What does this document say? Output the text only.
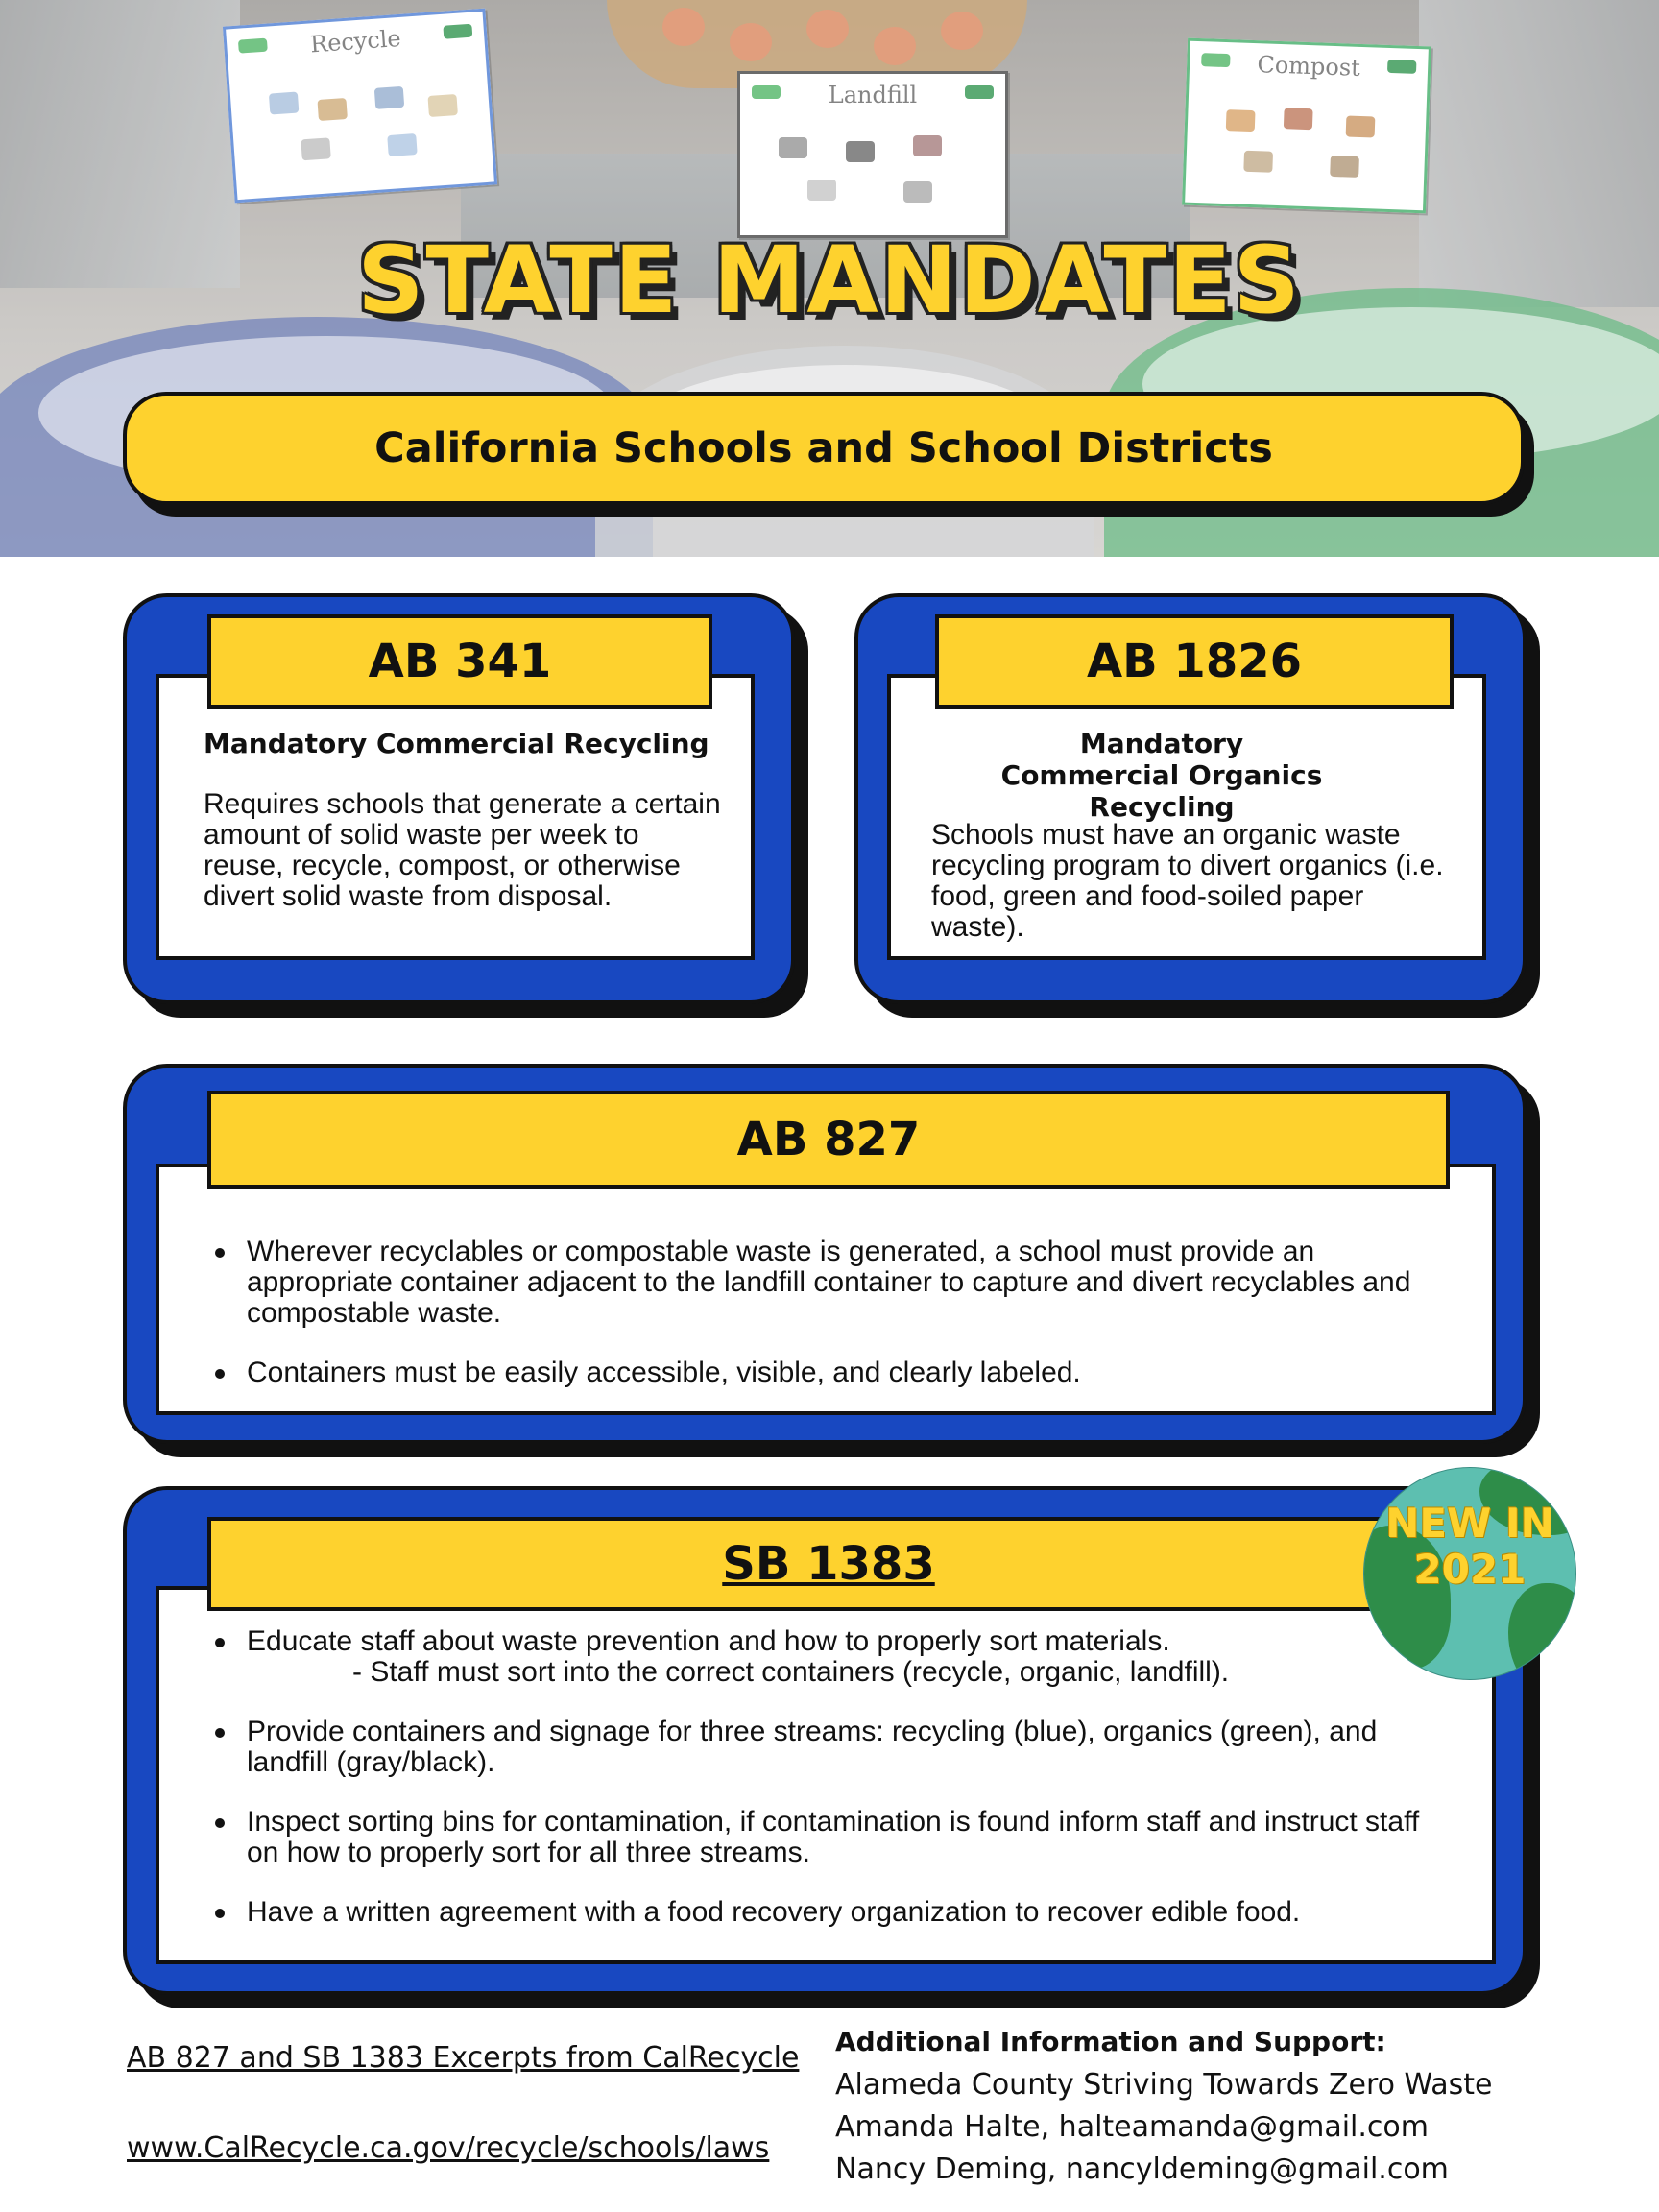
Recycle
Landfill
Compost
STATE MANDATES
California Schools and School Districts
AB 341
Mandatory Commercial Recycling
Requires schools that generate a certain amount of solid waste per week to reuse, recycle, compost, or otherwise divert solid waste from disposal.
AB 1826
Mandatory Commercial Organics Recycling
Schools must have an organic waste recycling program to divert organics (i.e. food, green and food-soiled paper waste).
AB 827
Wherever recyclables or compostable waste is generated, a school must provide an appropriate container adjacent to the landfill container to capture and divert recyclables and compostable waste.
Containers must be easily accessible, visible, and clearly labeled.
SB 1383
Educate staff about waste prevention and how to properly sort materials.
- Staff must sort into the correct containers (recycle, organic, landfill).
Provide containers and signage for three streams: recycling (blue), organics (green), and landfill (gray/black).
Inspect sorting bins for contamination, if contamination is found inform staff and instruct staff on how to properly sort for all three streams.
Have a written agreement with a food recovery organization to recover edible food.
NEW IN 2021
AB 827 and SB 1383 Excerpts from CalRecycle
www.CalRecycle.ca.gov/recycle/schools/laws
Additional Information and Support:
Alameda County Striving Towards Zero Waste
Amanda Halte, halteamanda@gmail.com
Nancy Deming, nancyldeming@gmail.com
